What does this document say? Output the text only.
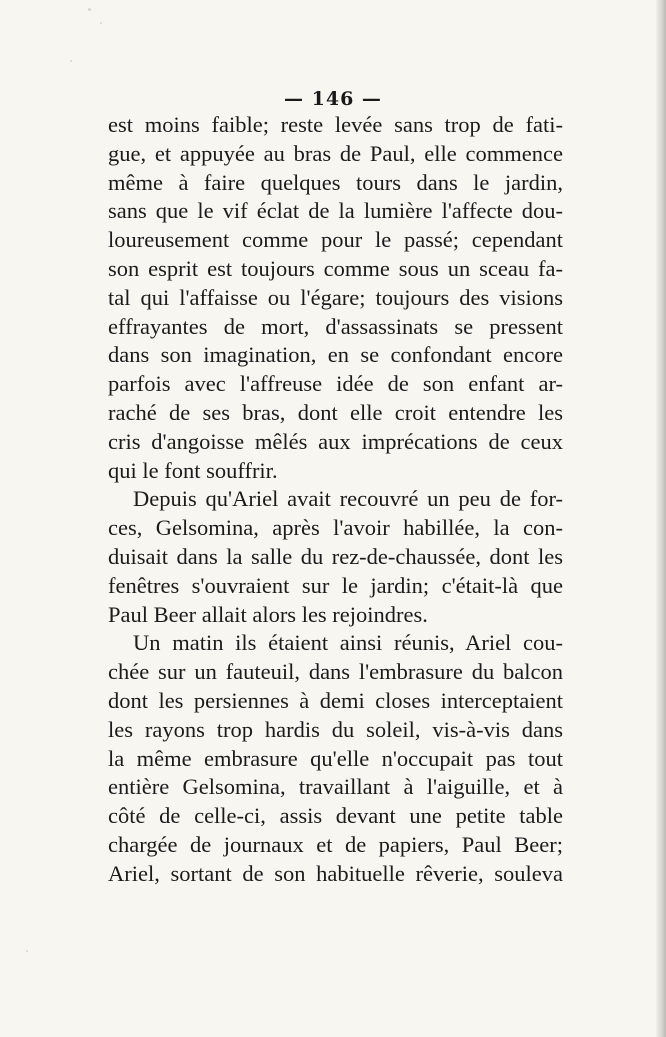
— 146 —
est moins faible; reste levée sans trop de fati-
gue, et appuyée au bras de Paul, elle commence
même à faire quelques tours dans le jardin,
sans que le vif éclat de la lumière l'affecte dou-
loureusement comme pour le passé; cependant
son esprit est toujours comme sous un sceau fa-
tal qui l'affaisse ou l'égare; toujours des visions
effrayantes de mort, d'assassinats se pressent
dans son imagination, en se confondant encore
parfois avec l'affreuse idée de son enfant ar-
raché de ses bras, dont elle croit entendre les
cris d'angoisse mêlés aux imprécations de ceux
qui le font souffrir.
Depuis qu'Ariel avait recouvré un peu de for-
ces, Gelsomina, après l'avoir habillée, la con-
duisait dans la salle du rez-de-chaussée, dont les
fenêtres s'ouvraient sur le jardin; c'était-là que
Paul Beer allait alors les rejoindres.
Un matin ils étaient ainsi réunis, Ariel cou-
chée sur un fauteuil, dans l'embrasure du balcon
dont les persiennes à demi closes interceptaient
les rayons trop hardis du soleil, vis-à-vis dans
la même embrasure qu'elle n'occupait pas tout
entière Gelsomina, travaillant à l'aiguille, et à
côté de celle-ci, assis devant une petite table
chargée de journaux et de papiers, Paul Beer;
Ariel, sortant de son habituelle rêverie, souleva
